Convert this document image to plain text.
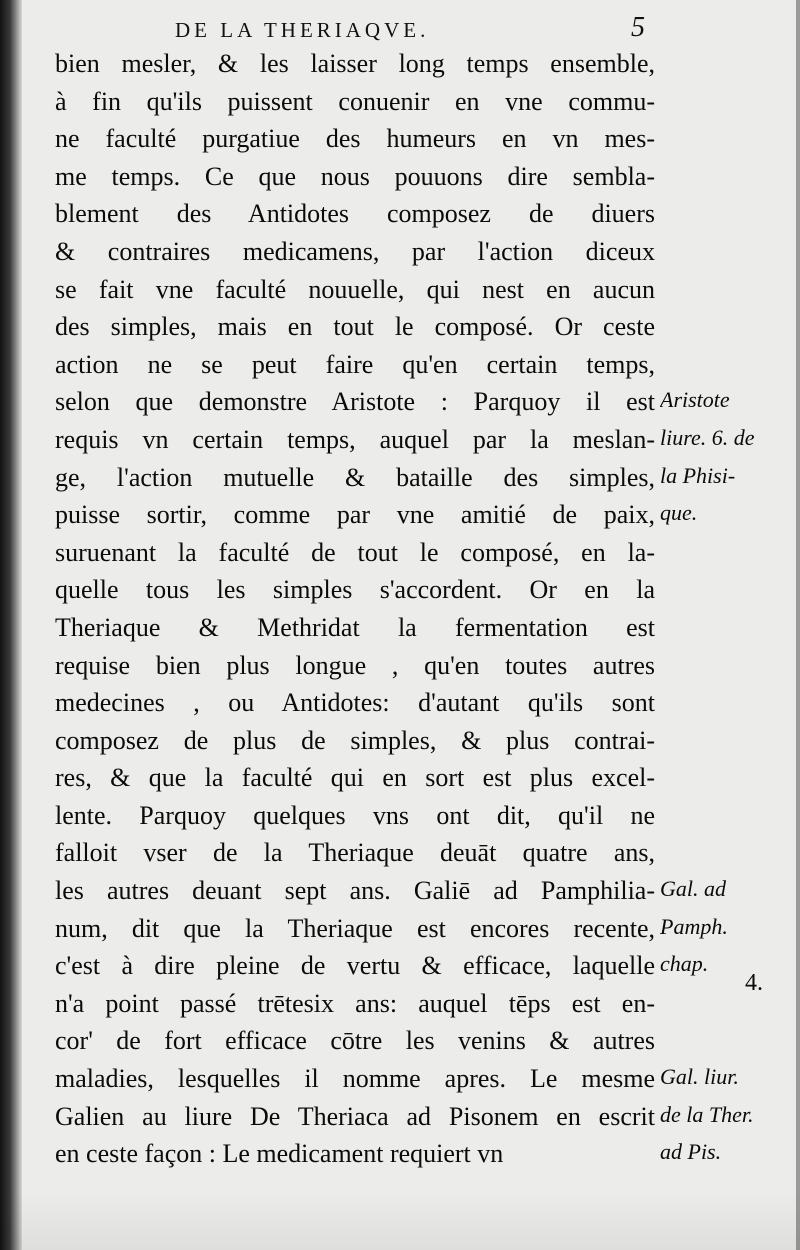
DE LA THERIAQVE.	5
bien mesler, & les laisser long temps ensemble,
à fin qu'ils puissent conuenir en vne commu-
ne faculté purgatiue des humeurs en vn mes-
me temps. Ce que nous pouuons dire sembla-
blement des Antidotes composez de diuers
& contraires medicamens, par l'action diceux
se fait vne faculté nouuelle, qui nest en aucun
des simples, mais en tout le composé. Or ceste
action ne se peut faire qu'en certain temps,
selon que demonstre Aristote : Parquoy il est
requis vn certain temps, auquel par la meslan-
ge, l'action mutuelle & bataille des simples,
puisse sortir, comme par vne amitié de paix,
suruenant la faculté de tout le composé, en la-
quelle tous les simples s'accordent. Or en la
Theriaque & Methridat la fermentation est
requise bien plus longue , qu'en toutes autres
medecines , ou Antidotes: d'autant qu'ils sont
composez de plus de simples, & plus contrai-
res, & que la faculté qui en sort est plus excel-
lente. Parquoy quelques vns ont dit, qu'il ne
falloit vser de la Theriaque deuāt quatre ans,
les autres deuant sept ans. Galiē ad Pamphilia-
num, dit que la Theriaque est encores recente,
c'est à dire pleine de vertu & efficace, laquelle
n'a point passé trētesix ans: auquel tēps est en-
cor' de fort efficace cōtre les venins & autres
maladies, lesquelles il nomme apres. Le mesme
Galien au liure De Theriaca ad Pisonem en escrit
en ceste façon : Le medicament requiert vn
Aristote
liure. 6. de
la Phisi-
que.
Gal. ad
Pamph.
chap.
Gal. liur.
de la Ther.
ad Pis.
4.
